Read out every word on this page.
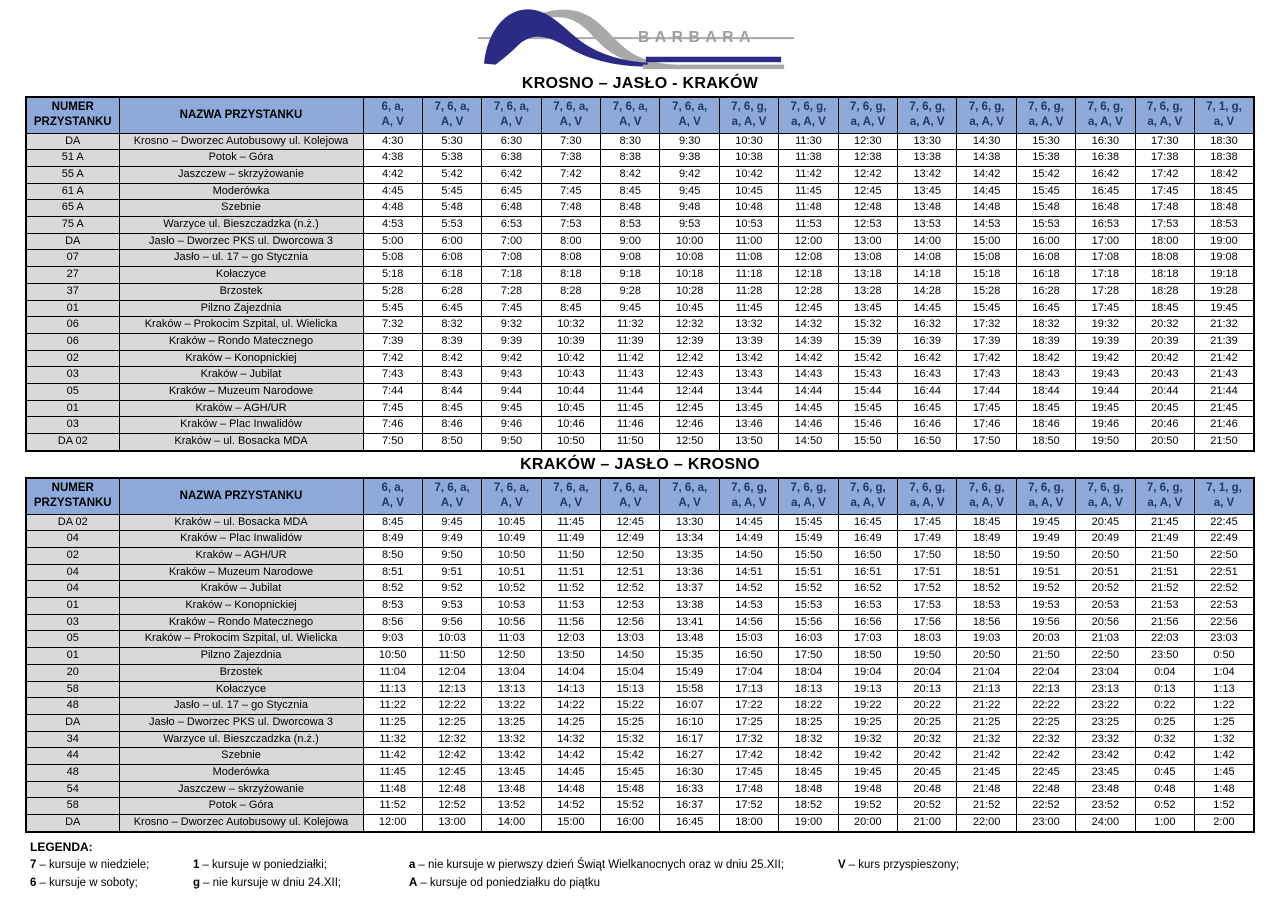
BARBARA
KROSNO – JASŁO - KRAKÓW
NUMER
PRZYSTANKU

NAZWA PRZYSTANKU

6, a,
A, V

7, 6, a,
A, V

7, 6, a,
A, V

7, 6, a,
A, V

7, 6, a,
A, V

7, 6, a,
A, V

7, 6, g,
a, A, V

7, 6, g,
a, A, V

7, 6, g,
a, A, V

7, 6, g,
a, A, V

7, 6, g,
a, A, V

7, 6, g,
a, A, V

7, 6, g,
a, A, V

7, 6, g,
a, A, V

7, 1, g,
a, V

DA	Krosno – Dworzec Autobusowy ul. Kolejowa	4:30	5:30	6:30	7:30	8:30	9:30	10:30	11:30	12:30	13:30	14:30	15:30	16:30	17:30	18:30
51 A	Potok – Góra	4:38	5:38	6:38	7:38	8:38	9:38	10:38	11:38	12:38	13:38	14:38	15:38	16:38	17:38	18:38
55 A	Jaszczew – skrzyżowanie	4:42	5:42	6:42	7:42	8:42	9:42	10:42	11:42	12:42	13:42	14:42	15:42	16:42	17:42	18:42
61 A	Moderówka	4:45	5:45	6:45	7:45	8:45	9:45	10:45	11:45	12:45	13:45	14:45	15:45	16:45	17:45	18:45
65 A	Szebnie	4:48	5:48	6:48	7:48	8:48	9:48	10:48	11:48	12:48	13:48	14:48	15:48	16:48	17:48	18:48
75 A	Warzyce ul. Bieszczadzka (n.ż.)	4:53	5:53	6:53	7:53	8:53	9:53	10:53	11:53	12:53	13:53	14:53	15:53	16:53	17:53	18:53
DA	Jasło – Dworzec PKS ul. Dworcowa 3	5:00	6:00	7:00	8:00	9:00	10:00	11:00	12:00	13:00	14:00	15:00	16:00	17:00	18:00	19:00
07	Jasło – ul. 17 – go Stycznia	5:08	6:08	7:08	8:08	9:08	10:08	11:08	12:08	13:08	14:08	15:08	16:08	17:08	18:08	19:08
27	Kołaczyce	5:18	6:18	7:18	8:18	9:18	10:18	11:18	12:18	13:18	14:18	15:18	16:18	17:18	18:18	19:18
37	Brzostek	5:28	6:28	7:28	8:28	9:28	10:28	11:28	12:28	13:28	14:28	15:28	16:28	17:28	18:28	19:28
01	Pilzno Zajezdnia	5:45	6:45	7:45	8:45	9:45	10:45	11:45	12:45	13:45	14:45	15:45	16:45	17:45	18:45	19:45
06	Kraków – Prokocim Szpital, ul. Wielicka	7:32	8:32	9:32	10:32	11:32	12:32	13:32	14:32	15:32	16:32	17:32	18:32	19:32	20:32	21:32
06	Kraków – Rondo Matecznego	7:39	8:39	9:39	10:39	11:39	12:39	13:39	14:39	15:39	16:39	17:39	18:39	19:39	20:39	21:39
02	Kraków – Konopnickiej	7:42	8:42	9:42	10:42	11:42	12:42	13:42	14:42	15:42	16:42	17:42	18:42	19:42	20:42	21:42
03	Kraków – Jubilat	7:43	8:43	9:43	10:43	11:43	12:43	13:43	14:43	15:43	16:43	17:43	18:43	19:43	20:43	21:43
05	Kraków – Muzeum Narodowe	7:44	8:44	9:44	10:44	11:44	12:44	13:44	14:44	15:44	16:44	17:44	18:44	19:44	20:44	21:44
01	Kraków – AGH/UR	7:45	8:45	9:45	10:45	11:45	12:45	13:45	14:45	15:45	16:45	17:45	18:45	19:45	20:45	21:45
03	Kraków – Plac Inwalidów	7:46	8:46	9:46	10:46	11:46	12:46	13:46	14:46	15:46	16:46	17:46	18:46	19:46	20:46	21:46
DA 02	Kraków – ul. Bosacka MDA	7:50	8:50	9:50	10:50	11:50	12:50	13:50	14:50	15:50	16:50	17:50	18:50	19:50	20:50	21:50
KRAKÓW – JASŁO – KROSNO
NUMER
PRZYSTANKU

NAZWA PRZYSTANKU

6, a,
A, V

7, 6, a,
A, V

7, 6, a,
A, V

7, 6, a,
A, V

7, 6, a,
A, V

7, 6, a,
A, V

7, 6, g,
a, A, V

7, 6, g,
a, A, V

7, 6, g,
a, A, V

7, 6, g,
a, A, V

7, 6, g,
a, A, V

7, 6, g,
a, A, V

7, 6, g,
a, A, V

7, 6, g,
a, A, V

7, 1, g,
a, V

DA 02	Kraków – ul. Bosacka MDA	8:45	9:45	10:45	11:45	12:45	13:30	14:45	15:45	16:45	17:45	18:45	19:45	20:45	21:45	22:45
04	Kraków – Plac Inwalidów	8:49	9:49	10:49	11:49	12:49	13:34	14:49	15:49	16:49	17:49	18:49	19:49	20:49	21:49	22:49
02	Kraków – AGH/UR	8:50	9:50	10:50	11:50	12:50	13:35	14:50	15:50	16:50	17:50	18:50	19:50	20:50	21:50	22:50
04	Kraków – Muzeum Narodowe	8:51	9:51	10:51	11:51	12:51	13:36	14:51	15:51	16:51	17:51	18:51	19:51	20:51	21:51	22:51
04	Kraków – Jubilat	8:52	9:52	10:52	11:52	12:52	13:37	14:52	15:52	16:52	17:52	18:52	19:52	20:52	21:52	22:52
01	Kraków – Konopnickiej	8:53	9:53	10:53	11:53	12:53	13:38	14:53	15:53	16:53	17:53	18:53	19:53	20:53	21:53	22:53
03	Kraków – Rondo Matecznego	8:56	9:56	10:56	11:56	12:56	13:41	14:56	15:56	16:56	17:56	18:56	19:56	20:56	21:56	22:56
05	Kraków – Prokocim Szpital, ul. Wielicka	9:03	10:03	11:03	12:03	13:03	13:48	15:03	16:03	17:03	18:03	19:03	20:03	21:03	22:03	23:03
01	Pilzno Zajezdnia	10:50	11:50	12:50	13:50	14:50	15:35	16:50	17:50	18:50	19:50	20:50	21:50	22:50	23:50	0:50
20	Brzostek	11:04	12:04	13:04	14:04	15:04	15:49	17:04	18:04	19:04	20:04	21:04	22:04	23:04	0:04	1:04
58	Kołaczyce	11:13	12:13	13:13	14:13	15:13	15:58	17:13	18:13	19:13	20:13	21:13	22:13	23:13	0:13	1:13
48	Jasło – ul. 17 – go Stycznia	11:22	12:22	13:22	14:22	15:22	16:07	17:22	18:22	19:22	20:22	21:22	22:22	23:22	0:22	1:22
DA	Jasło – Dworzec PKS ul. Dworcowa 3	11:25	12:25	13:25	14:25	15:25	16:10	17:25	18:25	19:25	20:25	21:25	22:25	23:25	0:25	1:25
34	Warzyce ul. Bieszczadzka (n.ż.)	11:32	12:32	13:32	14:32	15:32	16:17	17:32	18:32	19:32	20:32	21:32	22:32	23:32	0:32	1:32
44	Szebnie	11:42	12:42	13:42	14:42	15:42	16:27	17:42	18:42	19:42	20:42	21:42	22:42	23:42	0:42	1:42
48	Moderówka	11:45	12:45	13:45	14:45	15:45	16:30	17:45	18:45	19:45	20:45	21:45	22:45	23:45	0:45	1:45
54	Jaszczew – skrzyżowanie	11:48	12:48	13:48	14:48	15:48	16:33	17:48	18:48	19:48	20:48	21:48	22:48	23:48	0:48	1:48
58	Potok – Góra	11:52	12:52	13:52	14:52	15:52	16:37	17:52	18:52	19:52	20:52	21:52	22:52	23:52	0:52	1:52
DA	Krosno – Dworzec Autobusowy ul. Kolejowa	12:00	13:00	14:00	15:00	16:00	16:45	18:00	19:00	20:00	21:00	22:00	23:00	24:00	1:00	2:00
LEGENDA:
7 – kursuje w niedziele;
6 – kursuje w soboty;
1 – kursuje w poniedziałki;
g – nie kursuje w dniu 24.XII;
a – nie kursuje w pierwszy dzień Świąt Wielkanocnych oraz w dniu 25.XII;
A – kursuje od poniedziałku do piątku
V – kurs przyspieszony;
